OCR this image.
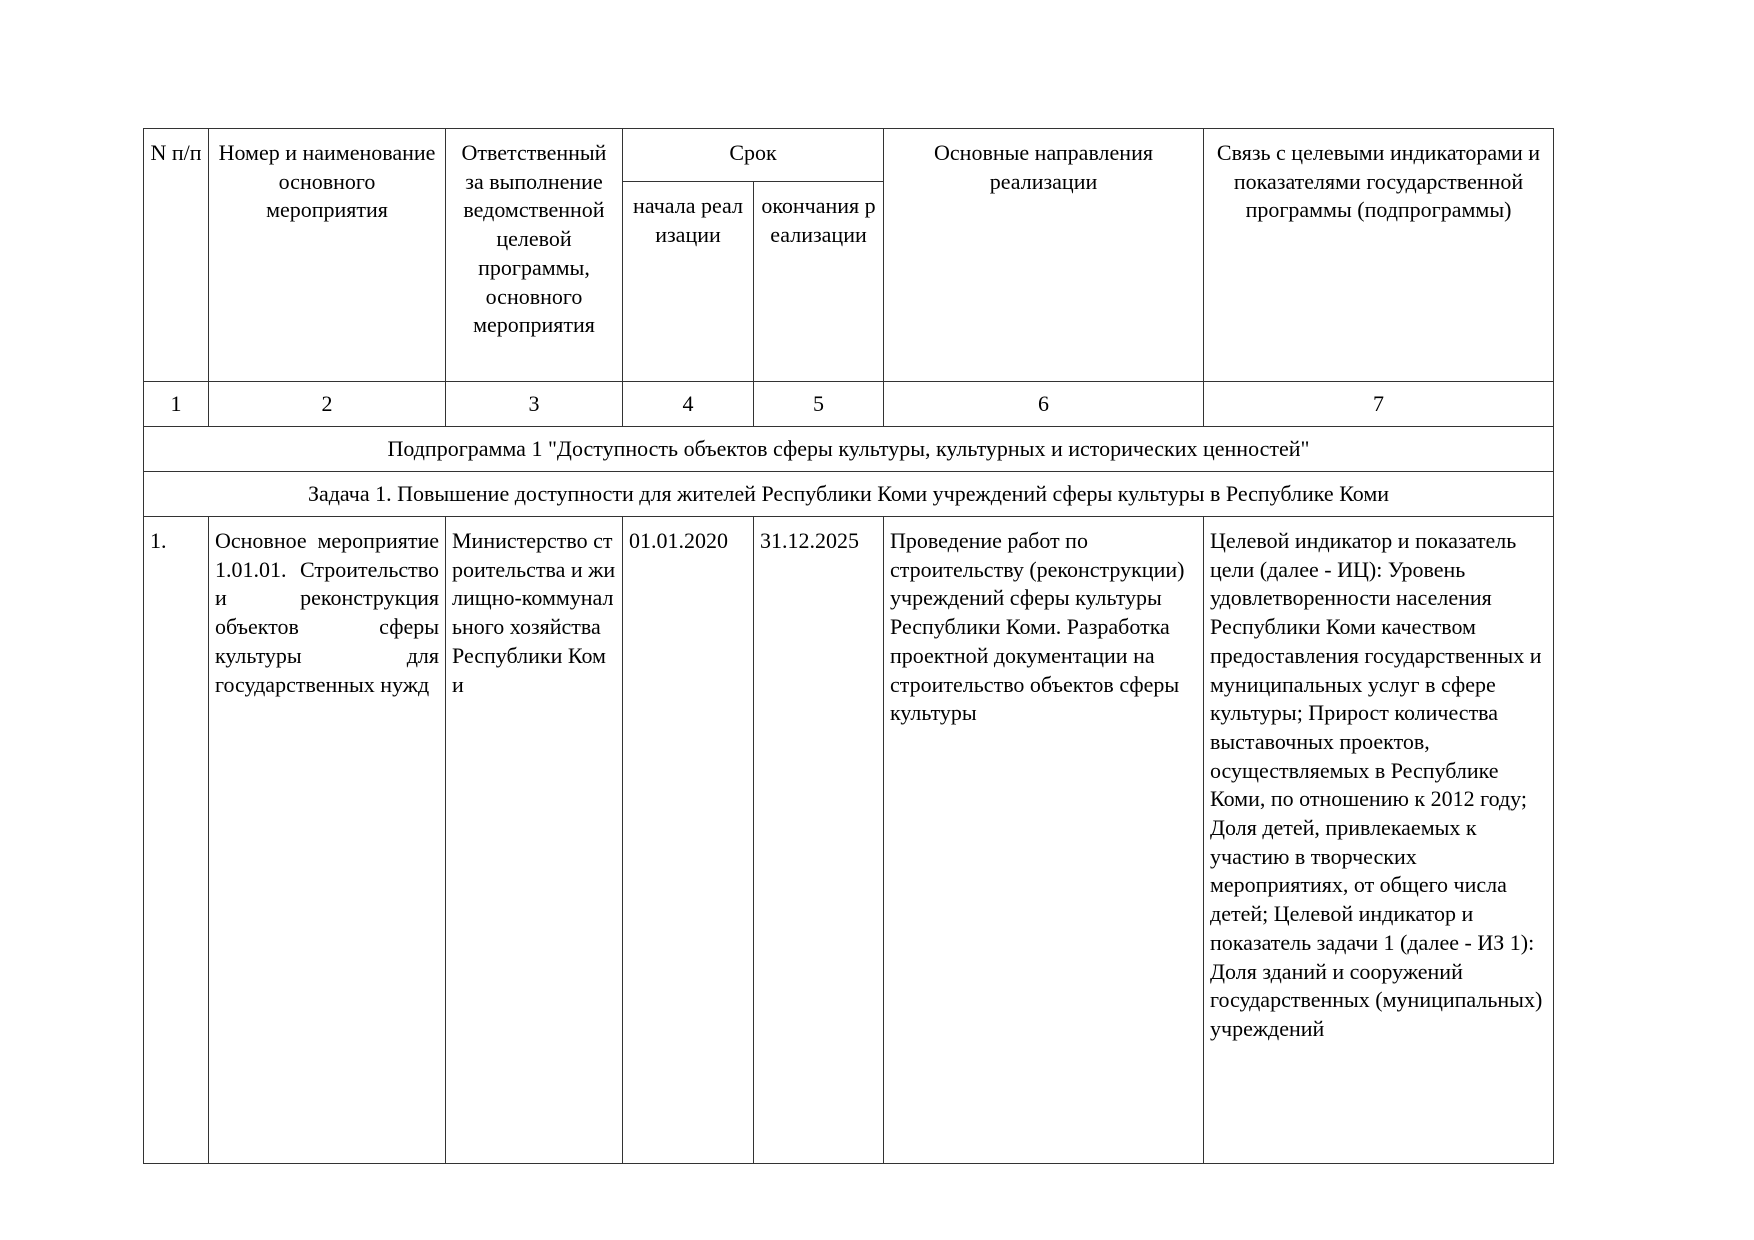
N п/п	Номер и наименование основного мероприятия	Ответственный за выполнение ведомственной целевой программы, основного мероприятия	Срок		Основные направления реализации	Связь с целевыми индикаторами и показателями государственной программы (подпрограммы)
			начала реализации	окончания реализации		
1	2	3	4	5	6	7
Подпрограмма 1 "Доступность объектов сферы культуры, культурных и исторических ценностей"						
Задача 1. Повышение доступности для жителей Республики Коми учреждений сферы культуры в Республике Коми						
1.	Основное мероприятие 1.01.01. Строительство и реконструкция объектов сферы культуры для государственных нужд	Министерство строительства и жилищно-коммунального хозяйства Республики Коми	01.01.2020	31.12.2025	Проведение работ по строительству (реконструкции) учреждений сферы культуры Республики Коми. Разработка проектной документации на строительство объектов сферы культуры	Целевой индикатор и показатель цели (далее - ИЦ): Уровень удовлетворенности населения Республики Коми качеством предоставления государственных и муниципальных услуг в сфере культуры; Прирост количества выставочных проектов, осуществляемых в Республике Коми, по отношению к 2012 году; Доля детей, привлекаемых к участию в творческих мероприятиях, от общего числа детей; Целевой индикатор и показатель задачи 1 (далее - ИЗ 1): Доля зданий и сооружений государственных (муниципальных) учреждений
